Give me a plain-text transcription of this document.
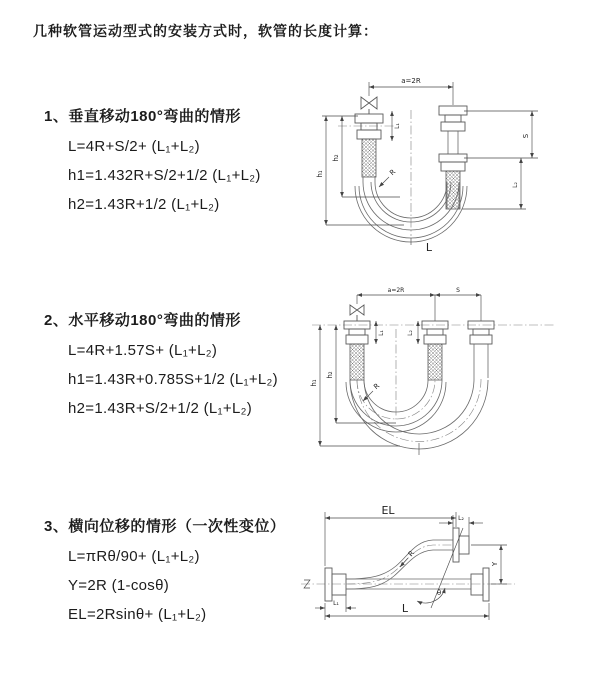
几种软管运动型式的安装方式时，软管的长度计算：
1、垂直移动180°弯曲的情形

L=4R+S/2+ (L₁+L₂)

h1=1.432R+S/2+1/2 (L₁+L₂)

h2=1.43R+1/2 (L₁+L₂)

a=2R
h₁
h₂
S
L₂
L₁
R
L
2、水平移动180°弯曲的情形

L=4R+1.57S+ (L₁+L₂)

h1=1.43R+0.785S+1/2 (L₁+L₂)

h2=1.43R+S/2+1/2 (L₁+L₂)

a=2R	S
h₁
h₂
L₁	L₂
R
3、横向位移的情形（一次性变位）

L=πRθ/90+ (L₁+L₂)

Y=2R (1-cosθ)

EL=2Rsinθ+ (L₁+L₂)

EL
L₂
R
θ
Y
L₁	L
